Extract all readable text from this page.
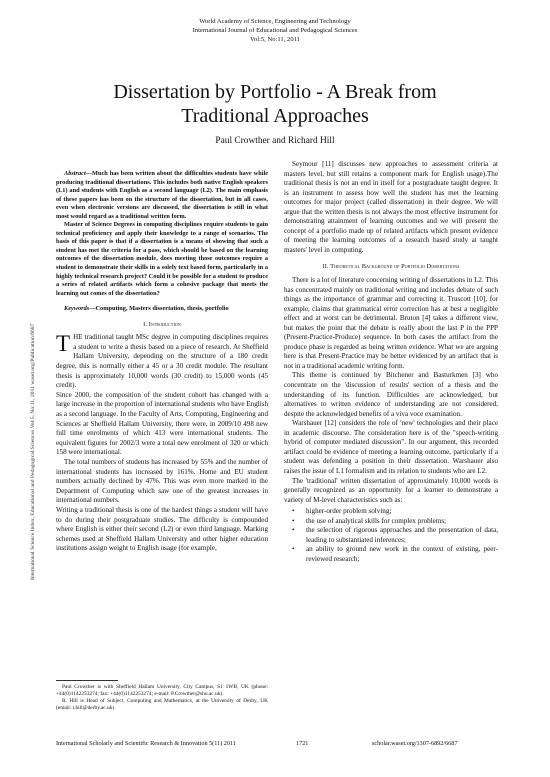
World Academy of Science, Engineering and Technology
International Journal of Educational and Pedagogical Sciences
Vol:5, No:11, 2011
Dissertation by Portfolio - A Break from
Traditional Approaches
Paul Crowther and Richard Hill
International Science Index, Educational and Pedagogical Sciences Vol:5, No:11, 2011 waset.org/Publication/6687

Abstract—Much has been written about the difficulties students have while producing traditional dissertations. This includes both native English speakers (L1) and students with English as a second language (L2). The main emphasis of these papers has been on the structure of the dissertation, but in all cases, even when electronic versions are discussed, the dissertation is still in what most would regard as a traditional written form.

Master of Science Degrees in computing disciplines require students to gain technical proficiency and apply their knowledge to a range of scenarios. The basis of this paper is that if a dissertation is a means of showing that such a student has met the criteria for a pass, which should be based on the learning outcomes of the dissertation module, does meeting those outcomes require a student to demonstrate their skills in a solely text based form, particularly in a highly technical research project? Could it be possible for a student to produce a series of related artifacts which form a cohesive package that meets the learning out comes of the dissertation?

Keywords—Computing, Masters dissertation, thesis, portfolio

I. Introduction

THE traditional taught MSc degree in computing disciplines requires a student to write a thesis based on a piece of research. At Sheffield Hallam University, depending on the structure of a 180 credit degree, this is normally either a 45 or a 30 credit module. The resultant thesis is approximately 10,000 words (30 credit) to 15,000 words (45 credit).

Since 2000, the composition of the student cohort has changed with a large increase in the proportion of international students who have English as a second language. In the Faculty of Arts, Computing, Engineering and Sciences at Sheffield Hallam University, there were, in 2009/10 498 new full time enrolments of which 413 were international students. The equivalent figures for 2002/3 were a total new enrolment of 320 or which 158 were international.

The total numbers of students has increased by 55% and the number of international students has increased by 161%. Home and EU student numbers actually declined by 47%. This was even more marked in the Department of Computing which saw one of the greatest increases in international numbers.

Writing a traditional thesis is one of the hardest things a student will have to do during their postgraduate studies. The difficulty is compounded where English is either their second (L2) or even third language. Marking schemes used at Sheffield Hallam University and other higher education institutions assign weight to English usage (for example,

Paul Crowther is with Sheffield Hallam University, City Campus, S1 1WB, UK (phone: +44(0)1142253274; fax: +44(0)1142253274; e-mail: P.Crowther@shu.ac.uk).

R. Hill is Head of Subject, Computing and Mathematics, at the University of Derby, UK (email: r.hill@derby.ac.uk).

Seymour [11] discusses new approaches to assessment criteria at masters level, but still retains a component mark for English usage).The traditional thesis is not an end in itself for a postgraduate taught degree. It is an instrument to assess how well the student has met the learning outcomes for major project (called dissertation) in their degree. We will argue that the written thesis is not always the most effective instrument for demonstrating attainment of learning outcomes and we will present the concept of a portfolio made up of related artifacts which present evidence of meeting the learning outcomes of a research based study at taught masters' level in computing.

II. Theoretical Background of Portfolio Dissertations

There is a lot of literature concerning writing of dissertations in L2. This has concentrated mainly on traditional writing and includes debate of such things as the importance of grammar and correcting it. Truscott [10], for example, claims that grammatical error correction has at best a negligible effect and at worst can be detrimental. Bruton [4] takes a different view, but makes the point that the debate is really about the last P in the PPP (Present-Practice-Produce) sequence. In both cases the artifact from the produce phase is regarded as being written evidence. What we are arguing here is that Present-Practice may be better evidenced by an artifact that is not in a traditional academic writing form.

This theme is continued by Bitchener and Basturkmen [3] who concentrate on the 'discussion of results' section of a thesis and the understanding of its function. Difficulties are acknowledged, but alternatives to written evidence of understanding are not considered, despite the acknowledged benefits of a viva voce examination.

Warshauer [12] considers the role of 'new' technologies and their place in academic discourse. The consideration here is of the "speech-writing hybrid of computer mediated discussion". In our argument, this recorded artifact could be evidence of meeting a learning outcome, particularly if a student was defending a position in their dissertation. Warshauer also raises the issue of L1 formalism and its relation to students who are L2.

The 'traditional' written dissertation of approximately 10,000 words is generally recognized as an opportunity for a learner to demonstrate a variety of M-level characteristics such as:

• higher-order problem solving;
• the use of analytical skills for complex problems;
• the selection of rigorous approaches and the presentation of data, leading to substantiated inferences;
• an ability to ground new work in the context of existing, peer-reviewed research;
International Scholarly and Scientific Research & Innovation 5(11) 2011	1721	scholar.waset.org/1307-6892/6687
